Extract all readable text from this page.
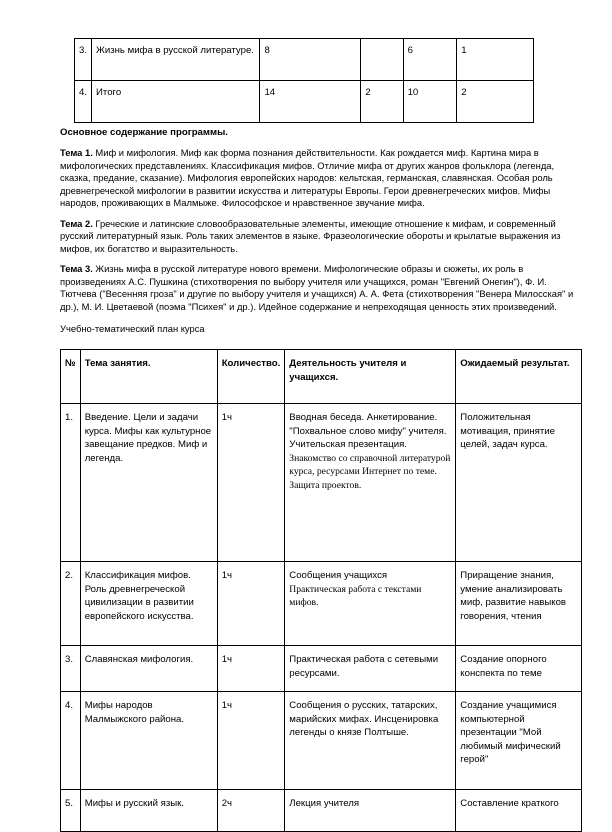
3.	Жизнь мифа в русской литературе.	8		6	1
4.	Итого	14	2	10	2
Основное содержание программы.
Тема 1. Миф и мифология. Миф как форма познания действительности. Как рождается миф. Картина мира в мифологических представлениях. Классификация мифов. Отличие мифа от других жанров фольклора (легенда, сказка, предание, сказание). Мифология европейских народов: кельтская, германская, славянская. Особая роль древнегреческой мифологии в развитии искусства и литературы Европы. Герои древнегреческих мифов. Мифы народов, проживающих в Малмыже. Философское и нравственное звучание мифа.
Тема 2. Греческие и латинские словообразовательные элементы, имеющие отношение к мифам, и современный русский литературный язык. Роль таких элементов в языке. Фразеологические обороты и крылатые выражения из мифов, их богатство и выразительность.
Тема 3. Жизнь мифа в русской литературе нового времени. Мифологические образы и сюжеты, их роль в произведениях А.С. Пушкина (стихотворения по выбору учителя или учащихся, роман "Евгений Онегин"), Ф. И. Тютчева ("Весенняя гроза" и другие по выбору учителя и учащихся) А. А. Фета (стихотворения "Венера Милосская" и др.), М. И. Цветаевой (поэма "Психея" и др.). Идейное содержание и непреходящая ценность этих произведений.
Учебно-тематический план курса
№	Тема занятия.	Количество.	Деятельность учителя и учащихся.	Ожидаемый результат.
1.	Введение. Цели и задачи курса. Мифы как культурное завещание предков. Миф и легенда.	1ч	Вводная беседа. Анкетирование. "Похвальное слово мифу" учителя. Учительская презентация.
Знакомство со справочной литературой курса, ресурсами Интернет по теме. Защита проектов.	Положительная мотивация, принятие целей, задач курса.
2.	Классификация мифов. Роль древнегреческой цивилизации в развитии европейского искусства.	1ч	Сообщения учащихся
Практическая работа с текстами мифов.	Приращение знания, умение анализировать миф, развитие навыков говорения, чтения
3.	Славянская мифология.	1ч	Практическая работа с сетевыми ресурсами.	Создание опорного конспекта по теме
4.	Мифы народов Малмыжского района.	1ч	Сообщения о русских, татарских, марийских мифах. Инсценировка легенды о князе Полтыше.	Создание учащимися компьютерной презентации "Мой любимый мифический герой"
5.	Мифы и русский язык.	2ч	Лекция учителя	Составление краткого
